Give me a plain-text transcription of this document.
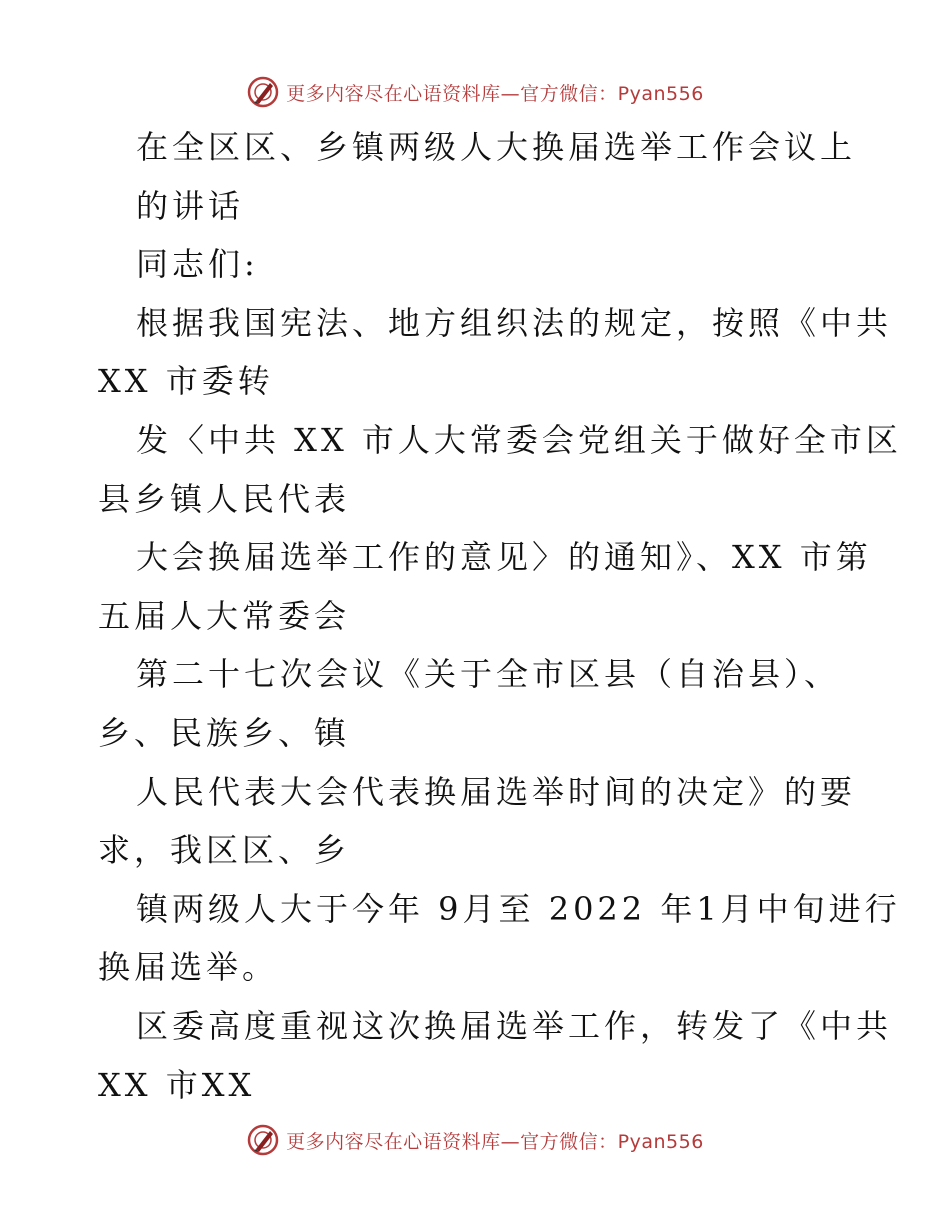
更多内容尽在心语资料库—官方微信：Pyan556
在全区区、乡镇两级人大换届选举工作会议上
的讲话
同志们:
根据我国宪法、地方组织法的规定，按照《中共
XX 市委转
发〈中共 XX 市人大常委会党组关于做好全市区
县乡镇人民代表
大会换届选举工作的意见〉的通知》、XX 市第
五届人大常委会
第二十七次会议《关于全市区县（自治县）、
乡、民族乡、镇
人民代表大会代表换届选举时间的决定》的要
求，我区区、乡
镇两级人大于今年 9月至 2022 年1月中旬进行
换届选举。
区委高度重视这次换届选举工作，转发了《中共
XX 市XX
更多内容尽在心语资料库—官方微信：Pyan556
